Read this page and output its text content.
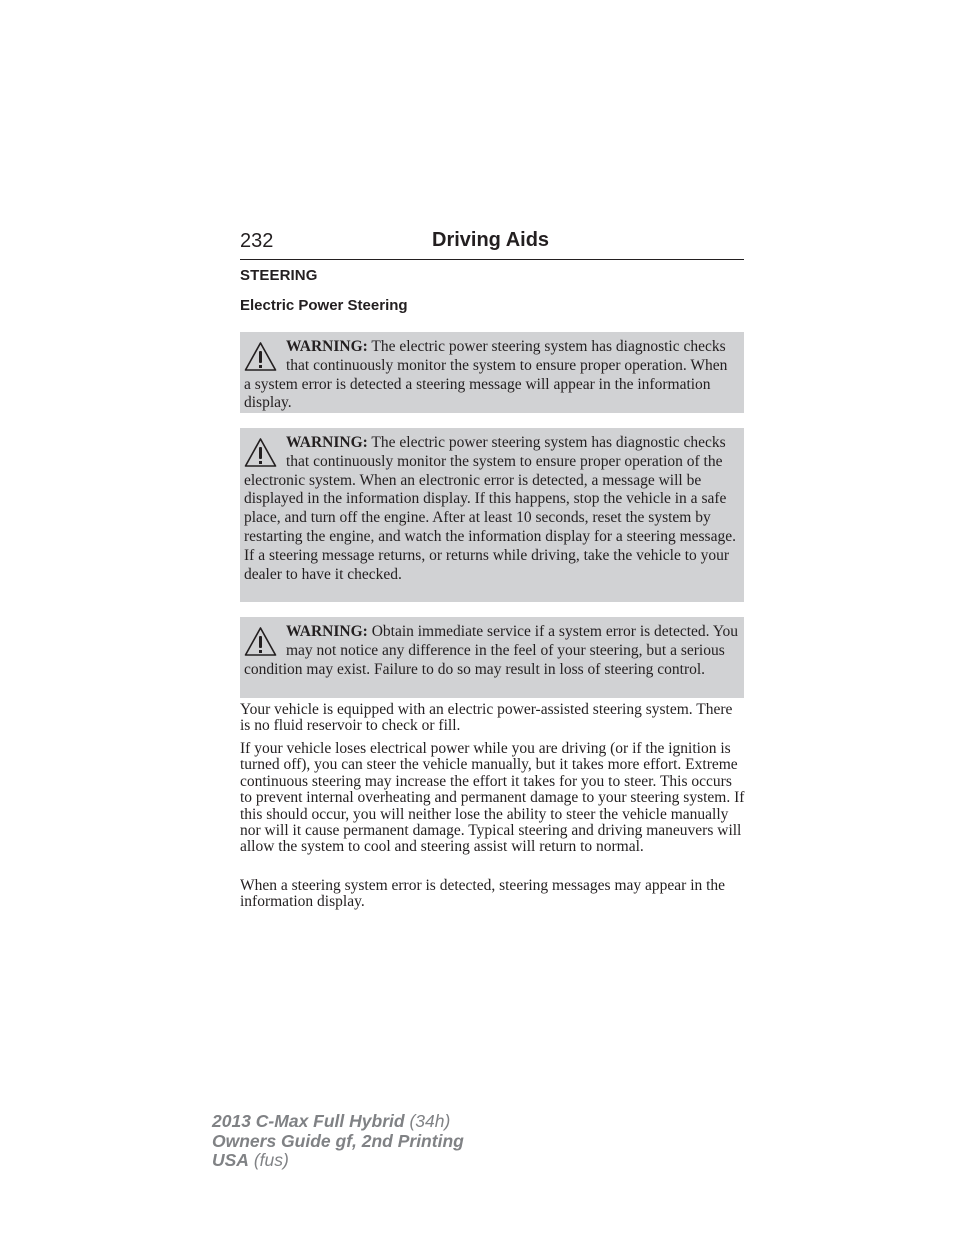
232	Driving Aids
STEERING
Electric Power Steering
WARNING: The electric power steering system has diagnostic checks that continuously monitor the system to ensure proper operation. When a system error is detected a steering message will appear in the information display.
WARNING: The electric power steering system has diagnostic checks that continuously monitor the system to ensure proper operation of the electronic system. When an electronic error is detected, a message will be displayed in the information display. If this happens, stop the vehicle in a safe place, and turn off the engine. After at least 10 seconds, reset the system by restarting the engine, and watch the information display for a steering message. If a steering message returns, or returns while driving, take the vehicle to your dealer to have it checked.
WARNING: Obtain immediate service if a system error is detected. You may not notice any difference in the feel of your steering, but a serious condition may exist. Failure to do so may result in loss of steering control.

Your vehicle is equipped with an electric power-assisted steering system. There is no fluid reservoir to check or fill.

If your vehicle loses electrical power while you are driving (or if the ignition is turned off), you can steer the vehicle manually, but it takes more effort. Extreme continuous steering may increase the effort it takes for you to steer. This occurs to prevent internal overheating and permanent damage to your steering system. If this should occur, you will neither lose the ability to steer the vehicle manually nor will it cause permanent damage. Typical steering and driving maneuvers will allow the system to cool and steering assist will return to normal.

When a steering system error is detected, steering messages may appear in the information display.

2013 C-Max Full Hybrid (34h)
Owners Guide gf, 2nd Printing
USA (fus)
